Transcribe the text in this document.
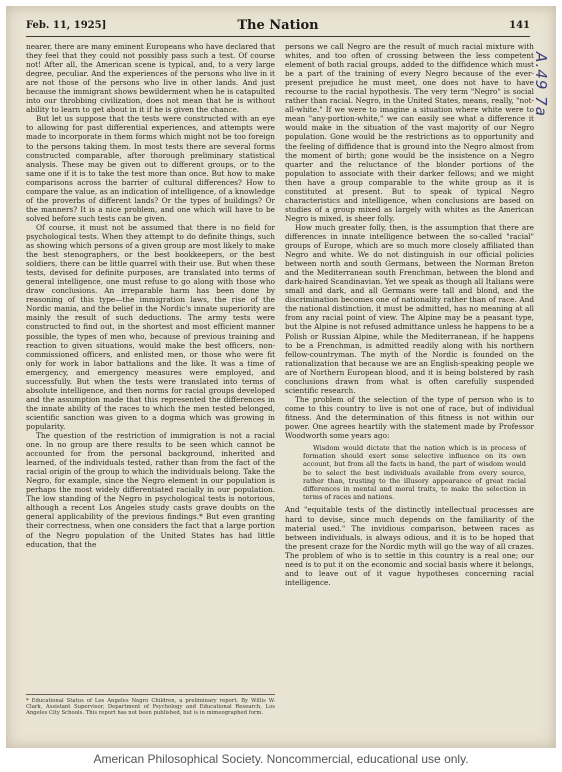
Feb. 11, 1925]	The Nation	141
A.49 7a

nearer, there are many eminent Europeans who have declared that they feel that they could not possibly pass such a test. Of course not! After all, the American scene is typical, and, to a very large degree, peculiar. And the experiences of the persons who live in it are not those of the persons who live in other lands. And just because the immigrant shows bewilderment when he is catapulted into our throbbing civilization, does not mean that he is without ability to learn to get about in it if he is given the chance.

But let us suppose that the tests were constructed with an eye to allowing for past differential experiences, and attempts were made to incorporate in them forms which might not be too foreign to the persons taking them. In most tests there are several forms constructed comparable, after thorough preliminary statistical analysis. These may be given out to different groups, or to the same one if it is to take the test more than once. But how to make comparisons across the barrier of cultural differences? How to compare the value, as an indication of intelligence, of a knowledge of the proverbs of different lands? Or the types of buildings? Or the manners? It is a nice problem, and one which will have to be solved before such tests can be given.

Of course, it must not be assumed that there is no field for psychological tests. When they attempt to do definite things, such as showing which persons of a given group are most likely to make the best stenographers, or the best bookkeepers, or the best soldiers, there can be little quarrel with their use. But when these tests, devised for definite purposes, are translated into terms of general intelligence, one must refuse to go along with those who draw conclusions. An irreparable harm has been done by reasoning of this type—the immigration laws, the rise of the Nordic mania, and the belief in the Nordic's innate superiority are mainly the result of such deductions. The army tests were constructed to find out, in the shortest and most efficient manner possible, the types of men who, because of previous training and reaction to given situations, would make the best officers, non-commissioned officers, and enlisted men, or those who were fit only for work in labor battalions and the like. It was a time of emergency, and emergency measures were employed, and successfully. But when the tests were translated into terms of absolute intelligence, and then norms for racial groups developed and the assumption made that this represented the differences in the innate ability of the races to which the men tested belonged, scientific sanction was given to a dogma which was growing in popularity.

The question of the restriction of immigration is not a racial one. In no group are there results to be seen which cannot be accounted for from the personal background, inherited and learned, of the individuals tested, rather than from the fact of the racial origin of the group to which the individuals belong. Take the Negro, for example, since the Negro element in our population is perhaps the most widely differentiated racially in our population. The low standing of the Negro in psychological tests is notorious, although a recent Los Angeles study casts grave doubts on the general applicability of the previous findings.* But even granting their correctness, when one considers the fact that a large portion of the Negro population of the United States has had little education, that the

* Educational Status of Los Angeles Negro Children, a preliminary report. By Willis W. Clark, Assistant Supervisor, Department of Psychology and Educational Research, Los Angeles City Schools. This report has not been published, but is in mimeographed form.

persons we call Negro are the result of much racial mixture with whites, and too often of crossing between the less competent element of both racial groups, added to the diffidence which must be a part of the training of every Negro because of the ever-present prejudice he must meet, one does not have to have recourse to the racial hypothesis. The very term "Negro" is social rather than racial. Negro, in the United States, means, really, "not-all-white." If we were to imagine a situation where white were to mean "any-portion-white," we can easily see what a difference it would make in the situation of the vast majority of our Negro population. Gone would be the restrictions as to opportunity and the feeling of diffidence that is ground into the Negro almost from the moment of birth; gone would be the insistence on a Negro quarter and the reluctance of the blonder portions of the population to associate with their darker fellows; and we might then have a group comparable to the white group as it is constituted at present. But to speak of typical Negro characteristics and intelligence, when conclusions are based on studies of a group mixed as largely with whites as the American Negro is mixed, is sheer folly.

How much greater folly, then, is the assumption that there are differences in innate intelligence between the so-called "racial" groups of Europe, which are so much more closely affiliated than Negro and white. We do not distinguish in our official policies between north and south Germans, between the Norman Breton and the Mediterranean south Frenchman, between the blond and dark-haired Scandinavian. Yet we speak as though all Italians were small and dark, and all Germans were tall and blond, and the discrimination becomes one of nationality rather than of race. And the national distinction, it must be admitted, has no meaning at all from any racial point of view. The Alpine may be a peasant type, but the Alpine is not refused admittance unless he happens to be a Polish or Russian Alpine, while the Mediterranean, if he happens to be a Frenchman, is admitted readily along with his northern fellow-countryman. The myth of the Nordic is founded on the rationalization that because we are an English-speaking people we are of Northern European blood, and it is being bolstered by rash conclusions drawn from what is often carefully suspended scientific research.

The problem of the selection of the type of person who is to come to this country to live is not one of race, but of individual fitness. And the determination of this fitness is not within our power. One agrees heartily with the statement made by Professor Woodworth some years ago:

Wisdom would dictate that the nation which is in process of formation should exert some selective influence on its own account, but from all the facts in hand, the part of wisdom would be to select the best individuals available from every source, rather than, trusting to the illusory appearance of great racial differences in mental and moral traits, to make the selection in terms of races and nations.

And "equitable tests of the distinctly intellectual processes are hard to devise, since much depends on the familiarity of the material used." The invidious comparison, between races as between individuals, is always odious, and it is to be hoped that the present craze for the Nordic myth will go the way of all crazes. The problem of who is to settle in this country is a real one; our need is to put it on the economic and social basis where it belongs, and to leave out of it vague hypotheses concerning racial intelligence.

American Philosophical Society. Noncommercial, educational use only.
